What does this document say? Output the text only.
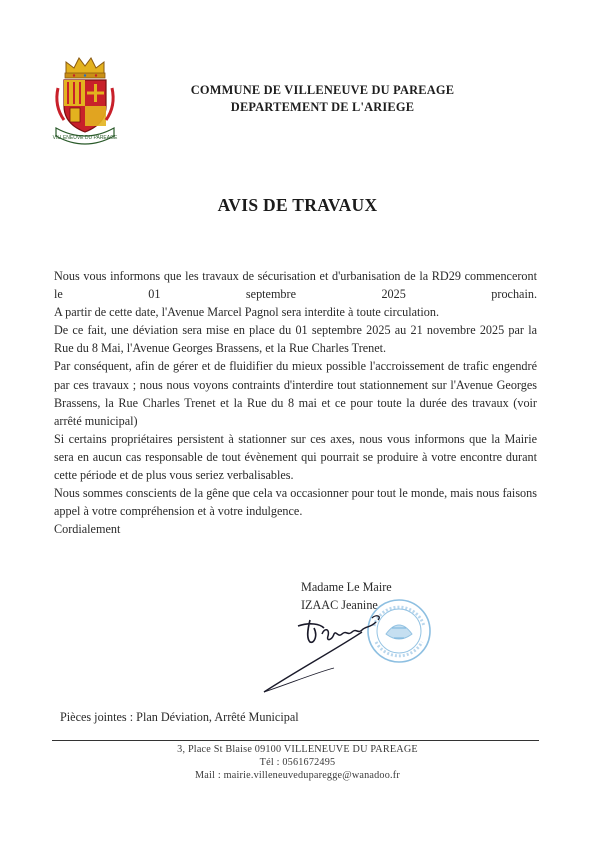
VILLENEUVE DU PAREAGE
COMMUNE DE VILLENEUVE DU PAREAGE
DEPARTEMENT DE L'ARIEGE
AVIS DE TRAVAUX

Nous vous informons que les travaux de sécurisation et d'urbanisation de la RD29 commenceront le 01 septembre 2025 prochain.

A partir de cette date, l'Avenue Marcel Pagnol sera interdite à toute circulation.

De ce fait, une déviation sera mise en place du 01 septembre 2025 au 21 novembre 2025 par la Rue du 8 Mai, l'Avenue Georges Brassens, et la Rue Charles Trenet.

Par conséquent, afin de gérer et de fluidifier du mieux possible l'accroissement de trafic engendré par ces travaux ; nous nous voyons contraints d'interdire tout stationnement sur l'Avenue Georges Brassens, la Rue Charles Trenet et la Rue du 8 mai et ce pour toute la durée des travaux (voir arrêté municipal)

Si certains propriétaires persistent à stationner sur ces axes, nous vous informons que la Mairie sera en aucun cas responsable de tout évènement qui pourrait se produire à votre encontre durant cette période et de plus vous seriez verbalisables.

Nous sommes conscients de la gêne que cela va occasionner pour tout le monde, mais nous faisons appel à votre compréhension et à votre indulgence.

Cordialement

Madame Le Maire
IZAAC Jeanine
Pièces jointes : Plan Déviation, Arrêté Municipal
3, Place St Blaise 09100 VILLENEUVE DU PAREAGE
Tél : 0561672495
Mail : mairie.villeneuveduparegge@wanadoo.fr
